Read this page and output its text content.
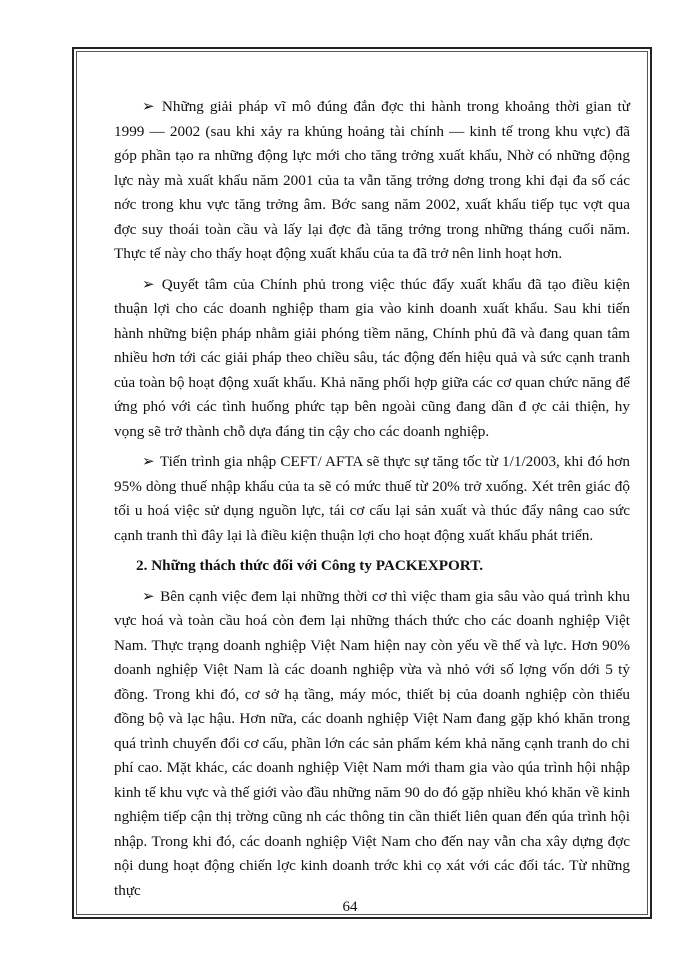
➢ Những giải pháp vĩ mô đúng đắn đợc thi hành trong khoảng thời gian từ 1999 — 2002 (sau khi xảy ra khủng hoảng tài chính — kinh tế trong khu vực) đã góp phần tạo ra những động lực mới cho tăng trởng xuất khẩu, Nhờ có những động lực này mà xuất khẩu năm 2001 của ta vẫn tăng trởng dơng trong khi đại đa số các nớc trong khu vực tăng trởng âm. Bớc sang năm 2002, xuất khẩu tiếp tục vợt qua đợc suy thoái toàn cầu và lấy lại đợc đà tăng trởng trong những tháng cuối năm. Thực tế này cho thấy hoạt động xuất khẩu của ta đã trở nên linh hoạt hơn.

➢ Quyết tâm của Chính phủ trong việc thúc đẩy xuất khẩu đã tạo điều kiện thuận lợi cho các doanh nghiệp tham gia vào kinh doanh xuất khẩu. Sau khi tiến hành những biện pháp nhằm giải phóng tiềm năng, Chính phủ đã và đang quan tâm nhiều hơn tới các giải pháp theo chiều sâu, tác động đến hiệu quả và sức cạnh tranh của toàn bộ hoạt động xuất khẩu. Khả năng phối hợp giữa các cơ quan chức năng để ứng phó với các tình huống phức tạp bên ngoài cũng đang dần đ ợc cải thiện, hy vọng sẽ trở thành chỗ dựa đáng tin cậy cho các doanh nghiệp.

➢ Tiến trình gia nhập CEFT/ AFTA sẽ thực sự tăng tốc từ 1/1/2003, khi đó hơn 95% dòng thuế nhập khẩu của ta sẽ có mức thuế từ 20% trở xuống. Xét trên giác độ tối u hoá việc sử dụng nguồn lực, tái cơ cấu lại sản xuất và thúc đẩy nâng cao sức cạnh tranh thì đây lại là điều kiện thuận lợi cho hoạt động xuất khẩu phát triển.

2. Những thách thức đối với Công ty PACKEXPORT.

➢ Bên cạnh việc đem lại những thời cơ thì việc tham gia sâu vào quá trình khu vực hoá và toàn cầu hoá còn đem lại những thách thức cho các doanh nghiệp Việt Nam. Thực trạng doanh nghiệp Việt Nam hiện nay còn yếu về thế và lực. Hơn 90% doanh nghiệp Việt Nam là các doanh nghiệp vừa và nhỏ với số lợng vốn dới 5 tỷ đồng. Trong khi đó, cơ sở hạ tầng, máy móc, thiết bị của doanh nghiệp còn thiếu đồng bộ và lạc hậu. Hơn nữa, các doanh nghiệp Việt Nam đang gặp khó khăn trong quá trình chuyển đổi cơ cấu, phần lớn các sản phẩm kém khả năng cạnh tranh do chi phí cao. Mặt khác, các doanh nghiệp Việt Nam mới tham gia vào qúa trình hội nhập kinh tế khu vực và thế giới vào đầu những năm 90 do đó gặp nhiều khó khăn về kinh nghiệm tiếp cận thị trờng cũng nh các thông tin cần thiết liên quan đến qúa trình hội nhập. Trong khi đó, các doanh nghiệp Việt Nam cho đến nay vẫn cha xây dựng đợc nội dung hoạt động chiến lợc kinh doanh trớc khi cọ xát với các đối tác. Từ những thực

64
